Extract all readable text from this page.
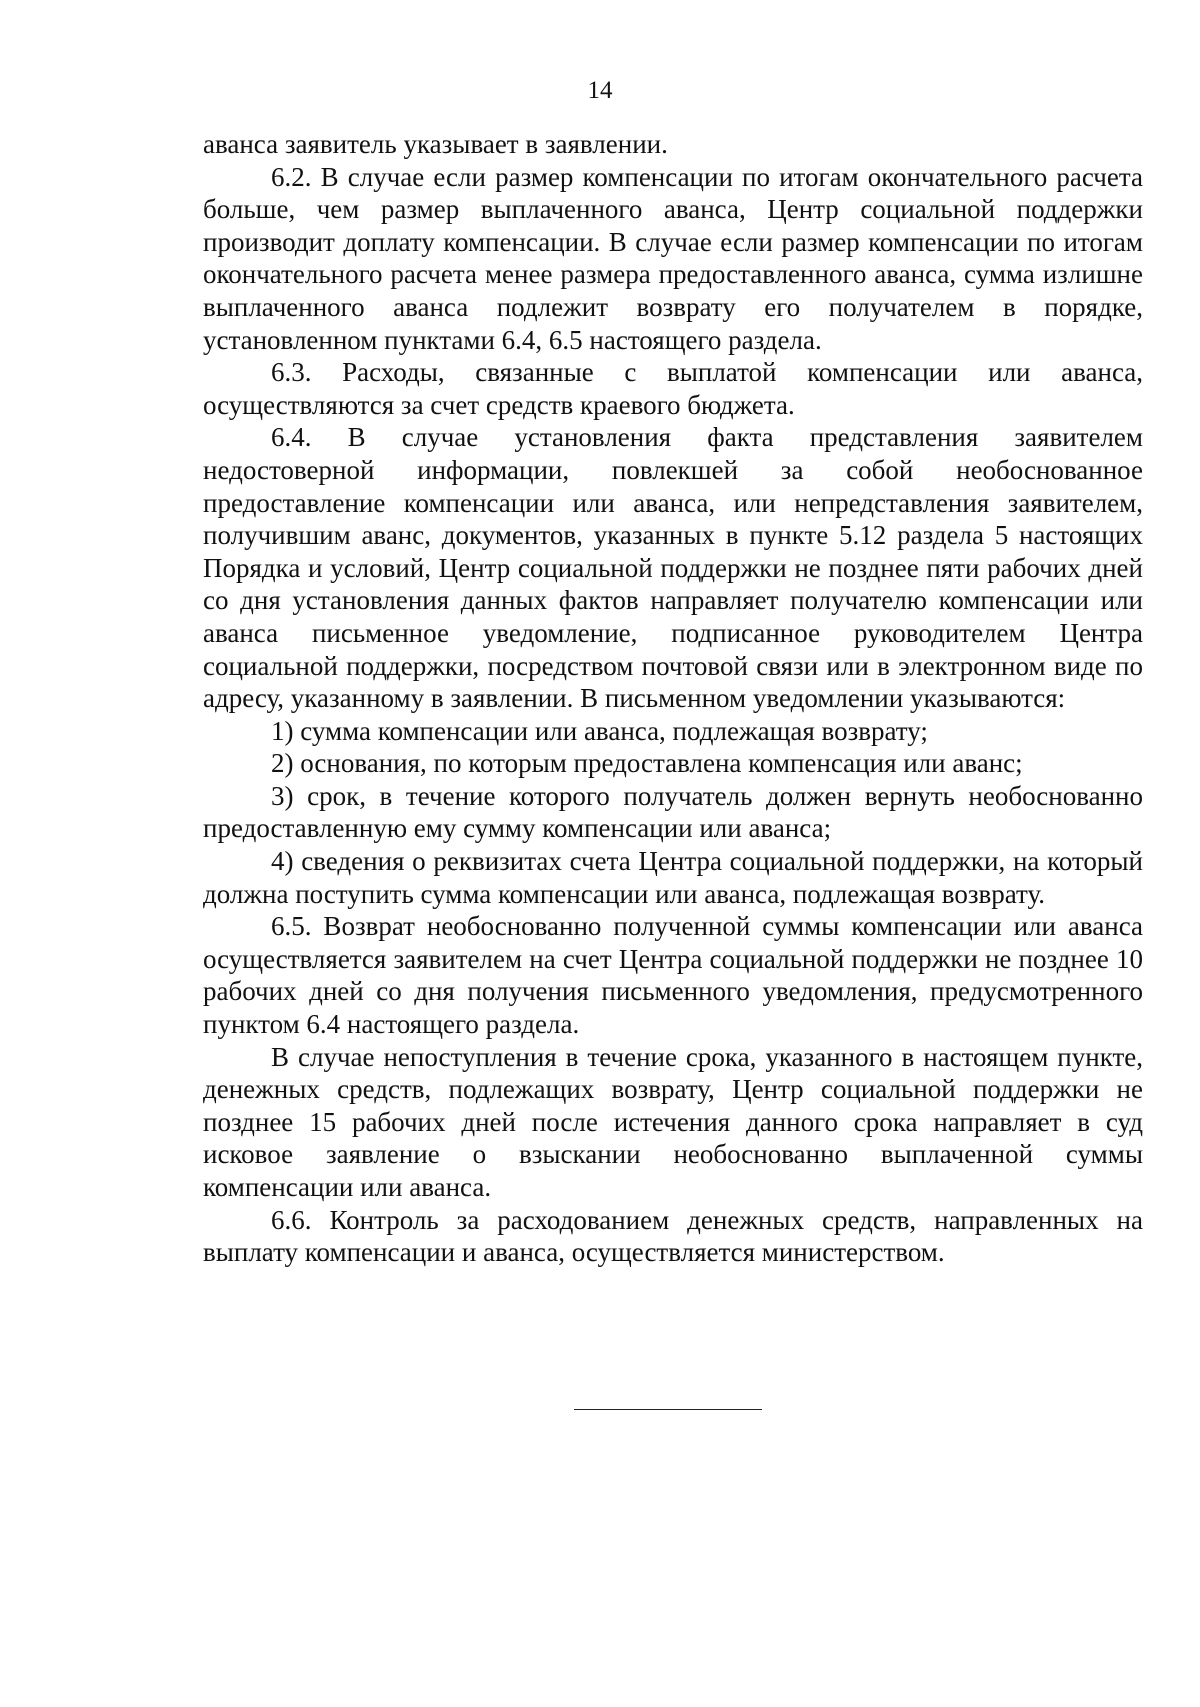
14

аванса заявитель указывает в заявлении.

6.2. В случае если размер компенсации по итогам окончательного расчета больше, чем размер выплаченного аванса, Центр социальной поддержки производит доплату компенсации. В случае если размер компенсации по итогам окончательного расчета менее размера предоставленного аванса, сумма излишне выплаченного аванса подлежит возврату его получателем в порядке, установленном пунктами 6.4, 6.5 настоящего раздела.

6.3. Расходы, связанные с выплатой компенсации или аванса, осуществляются за счет средств краевого бюджета.

6.4. В случае установления факта представления заявителем недостоверной информации, повлекшей за собой необоснованное предоставление компенсации или аванса, или непредставления заявителем, получившим аванс, документов, указанных в пункте 5.12 раздела 5 настоящих Порядка и условий, Центр социальной поддержки не позднее пяти рабочих дней со дня установления данных фактов направляет получателю компенсации или аванса письменное уведомление, подписанное руководителем Центра социальной поддержки, посредством почтовой связи или в электронном виде по адресу, указанному в заявлении. В письменном уведомлении указываются:

1) сумма компенсации или аванса, подлежащая возврату;

2) основания, по которым предоставлена компенсация или аванс;

3) срок, в течение которого получатель должен вернуть необоснованно предоставленную ему сумму компенсации или аванса;

4) сведения о реквизитах счета Центра социальной поддержки, на который должна поступить сумма компенсации или аванса, подлежащая возврату.

6.5. Возврат необоснованно полученной суммы компенсации или аванса осуществляется заявителем на счет Центра социальной поддержки не позднее 10 рабочих дней со дня получения письменного уведомления, предусмотренного пунктом 6.4 настоящего раздела.

В случае непоступления в течение срока, указанного в настоящем пункте, денежных средств, подлежащих возврату, Центр социальной поддержки не позднее 15 рабочих дней после истечения данного срока направляет в суд исковое заявление о взыскании необоснованно выплаченной суммы компенсации или аванса.

6.6. Контроль за расходованием денежных средств, направленных на выплату компенсации и аванса, осуществляется министерством.
